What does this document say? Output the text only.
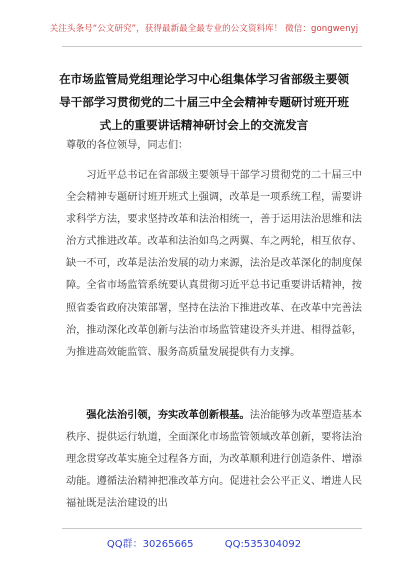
关注头条号“公文研究”，获得最新最全最专业的公文资料库！ 微信：gongwenyj
在市场监管局党组理论学习中心组集体学习省部级主要领
导干部学习贯彻党的二十届三中全会精神专题研讨班开班
式上的重要讲话精神研讨会上的交流发言
尊敬的各位领导，同志们：
习近平总书记在省部级主要领导干部学习贯彻党的二十届三中全会精神专题研讨班开班式上强调，改革是一项系统工程，需要讲求科学方法，要求坚持改革和法治相统一，善于运用法治思维和法治方式推进改革。改革和法治如鸟之两翼、车之两轮，相互依存、缺一不可，改革是法治发展的动力来源，法治是改革深化的制度保障。全省市场监管系统要认真贯彻习近平总书记重要讲话精神，按照省委省政府决策部署，坚持在法治下推进改革、在改革中完善法治，推动深化改革创新与法治市场监管建设齐头并进、相得益彰，为推进高效能监管、服务高质量发展提供有力支撑。
强化法治引领，夯实改革创新根基。法治能够为改革塑造基本秩序、提供运行轨道，全面深化市场监管领域改革创新，要将法治理念贯穿改革实施全过程各方面，为改革顺利进行创造条件、增添动能。遵循法治精神把准改革方向。促进社会公平正义、增进人民福祉既是法治建设的出
QQ群：30265665	QQ:535304092
